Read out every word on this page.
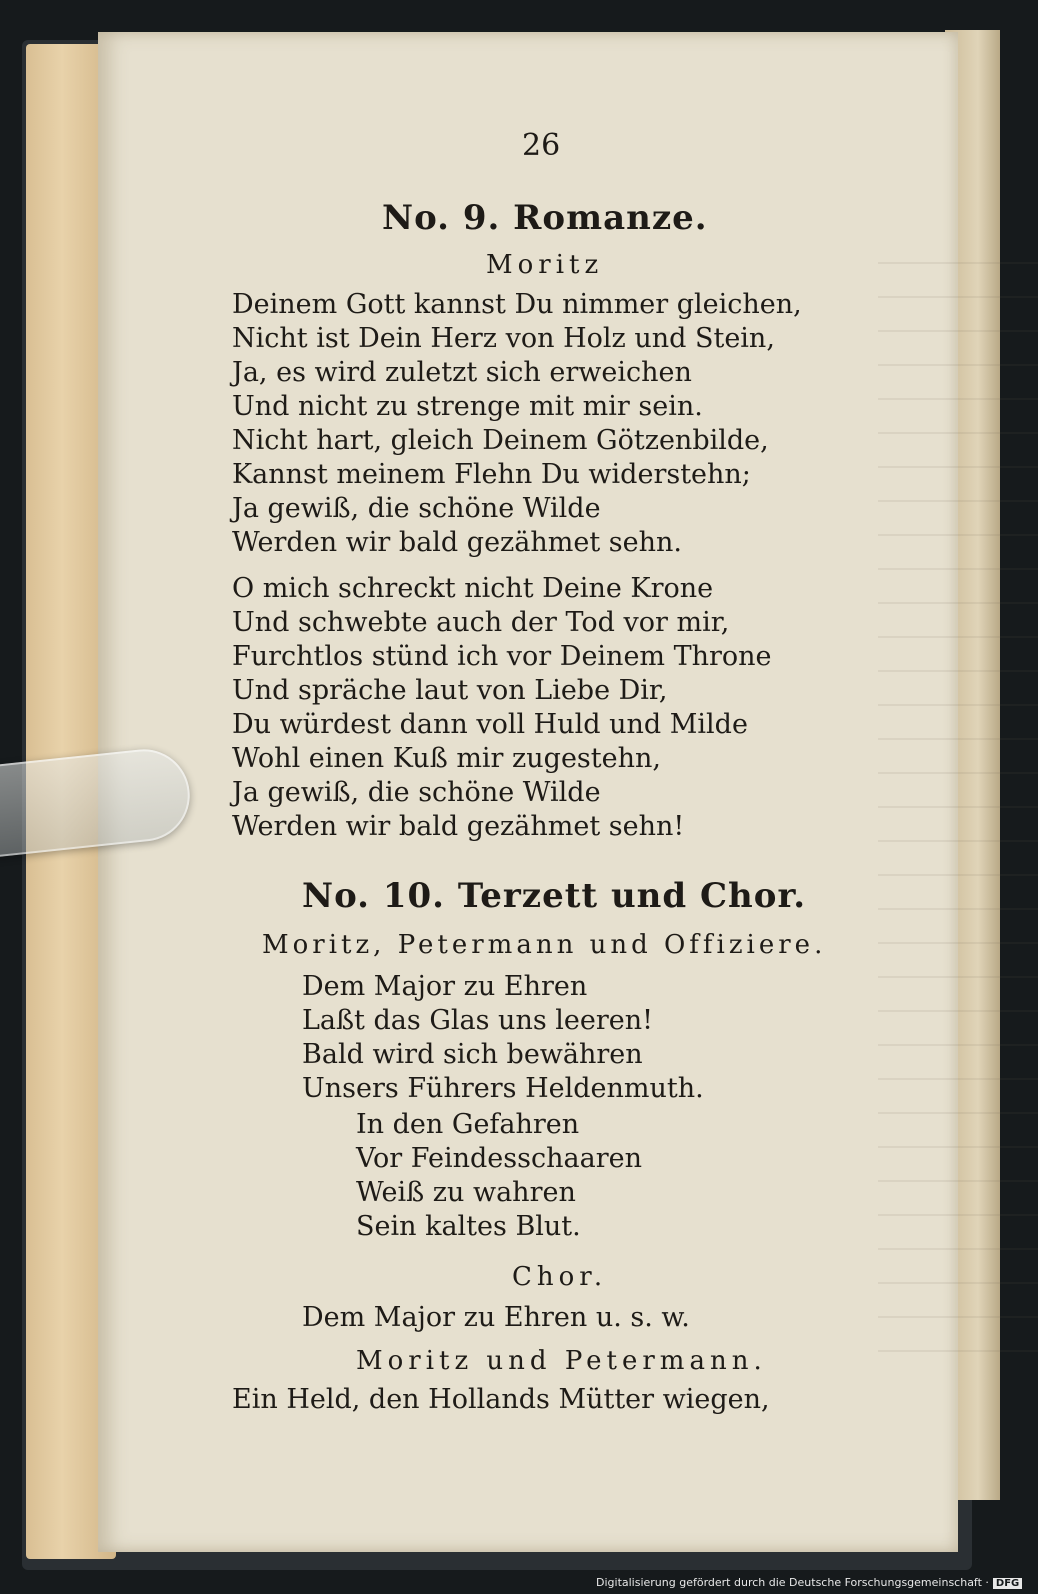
26
No. 9. Romanze.
Moritz
Deinem Gott kannst Du nimmer gleichen,
Nicht ist Dein Herz von Holz und Stein,
Ja, es wird zuletzt sich erweichen
Und nicht zu strenge mit mir sein.
Nicht hart, gleich Deinem Götzenbilde,
Kannst meinem Flehn Du widerstehn;
Ja gewiß, die schöne Wilde
Werden wir bald gezähmet sehn.
O mich schreckt nicht Deine Krone
Und schwebte auch der Tod vor mir,
Furchtlos stünd ich vor Deinem Throne
Und spräche laut von Liebe Dir,
Du würdest dann voll Huld und Milde
Wohl einen Kuß mir zugestehn,
Ja gewiß, die schöne Wilde
Werden wir bald gezähmet sehn!
No. 10. Terzett und Chor.
Moritz, Petermann und Offiziere.
Dem Major zu Ehren
Laßt das Glas uns leeren!
Bald wird sich bewähren
Unsers Führers Heldenmuth.
In den Gefahren
Vor Feindesschaaren
Weiß zu wahren
Sein kaltes Blut.
Chor.
Dem Major zu Ehren u. s. w.
Moritz und Petermann.
Ein Held, den Hollands Mütter wiegen,
Digitalisierung gefördert durch die Deutsche Forschungsgemeinschaft · DFG
